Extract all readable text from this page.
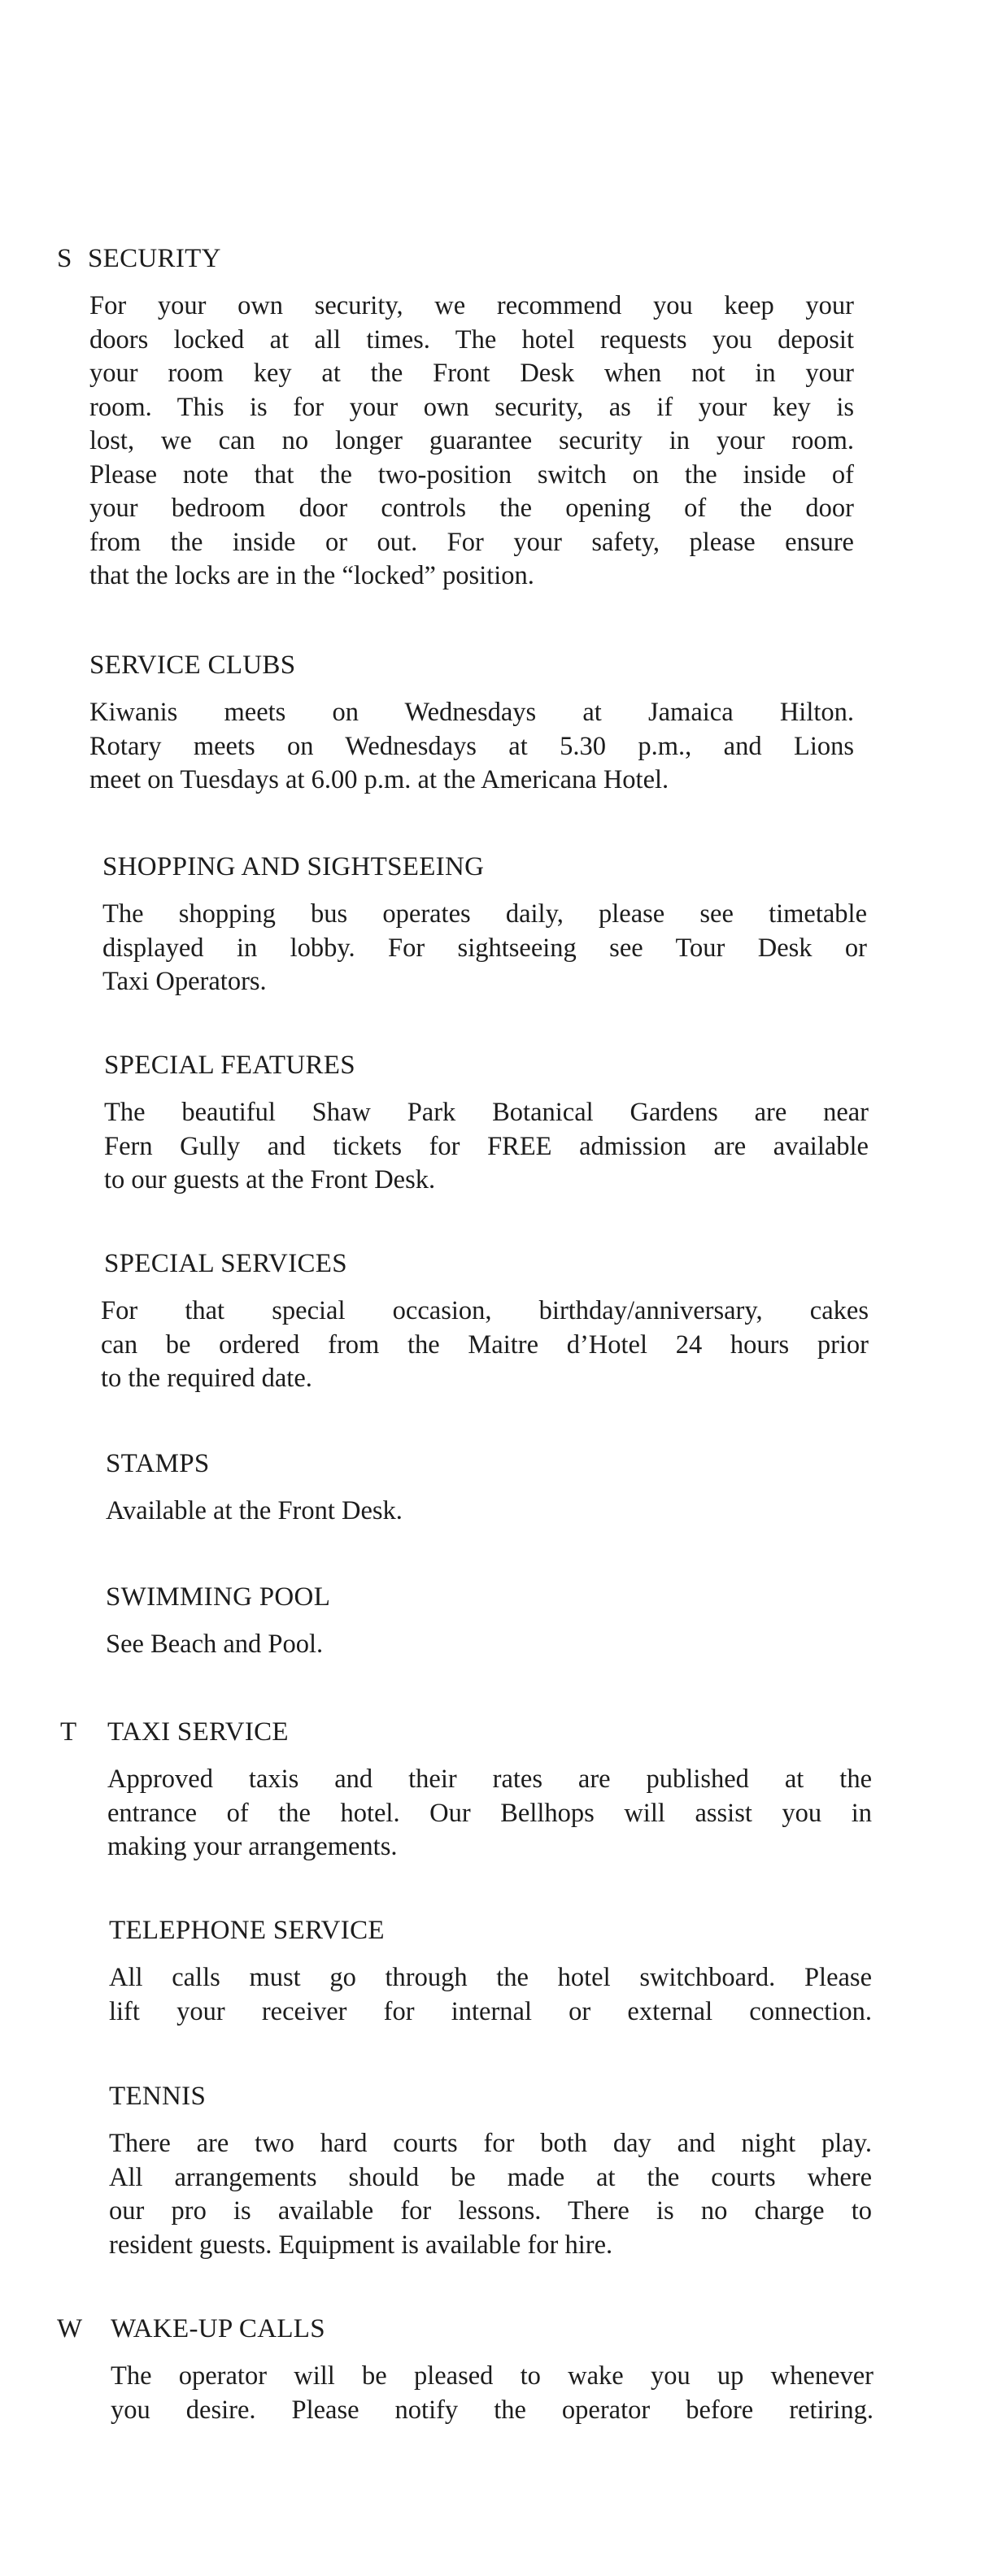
S SECURITY
For your own security, we recommend you keep your
doors locked at all times. The hotel requests you deposit
your room key at the Front Desk when not in your
room. This is for your own security, as if your key is
lost, we can no longer guarantee security in your room.
Please note that the two-position switch on the inside of
your bedroom door controls the opening of the door
from the inside or out. For your safety, please ensure
that the locks are in the “locked” position.
SERVICE CLUBS
Kiwanis meets on Wednesdays at Jamaica Hilton.
Rotary meets on Wednesdays at 5.30 p.m., and Lions
meet on Tuesdays at 6.00 p.m. at the Americana Hotel.
SHOPPING AND SIGHTSEEING
The shopping bus operates daily, please see timetable
displayed in lobby. For sightseeing see Tour Desk or
Taxi Operators.
SPECIAL FEATURES
The beautiful Shaw Park Botanical Gardens are near
Fern Gully and tickets for FREE admission are available
to our guests at the Front Desk.
SPECIAL SERVICES
For that special occasion, birthday/anniversary, cakes
can be ordered from the Maitre d’Hotel 24 hours prior
to the required date.
STAMPS
Available at the Front Desk.
SWIMMING POOL
See Beach and Pool.
T TAXI SERVICE
Approved taxis and their rates are published at the
entrance of the hotel. Our Bellhops will assist you in
making your arrangements.
TELEPHONE SERVICE
All calls must go through the hotel switchboard. Please
lift your receiver for internal or external connection.
TENNIS
There are two hard courts for both day and night play.
All arrangements should be made at the courts where
our pro is available for lessons. There is no charge to
resident guests. Equipment is available for hire.
W WAKE-UP CALLS
The operator will be pleased to wake you up whenever
you desire. Please notify the operator before retiring.
